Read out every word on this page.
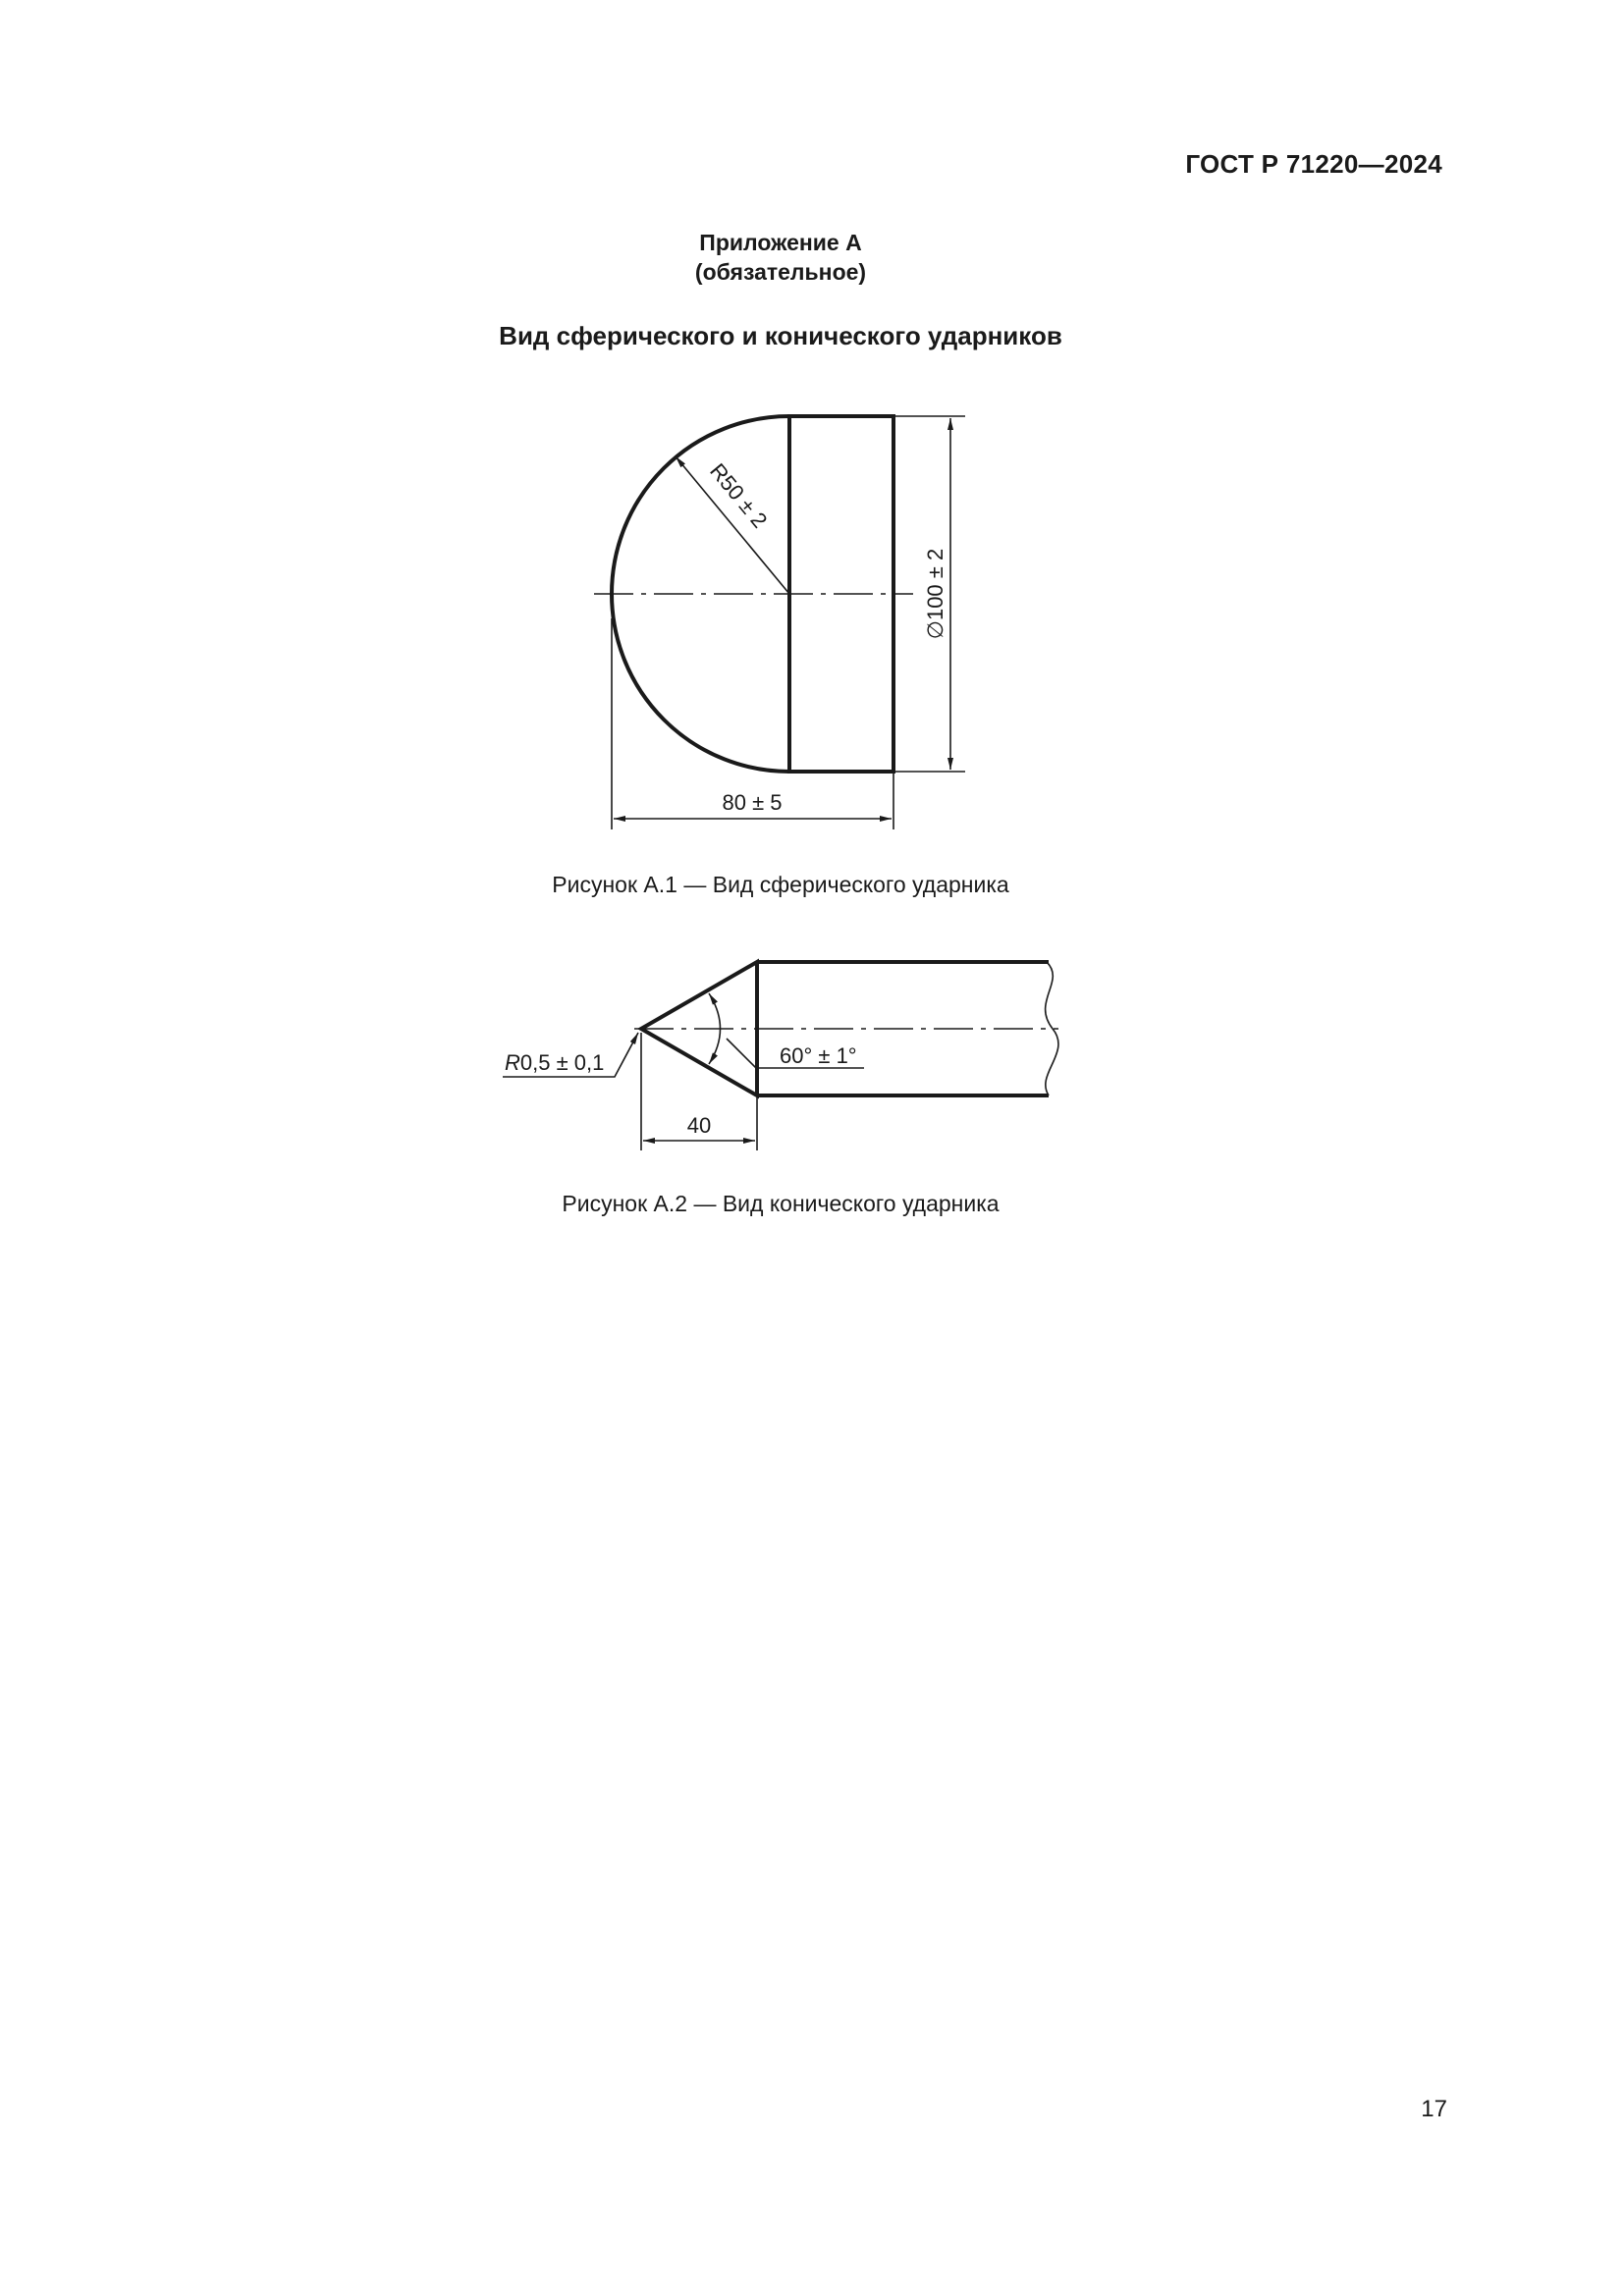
ГОСТ Р 71220—2024
Приложение А
(обязательное)
Вид сферического и конического ударников
R50 ± 2
∅100 ± 2
80 ± 5
60° ± 1°
R0,5 ± 0,1
40
Рисунок А.1 — Вид сферического ударника
Рисунок А.2 — Вид конического ударника
17
